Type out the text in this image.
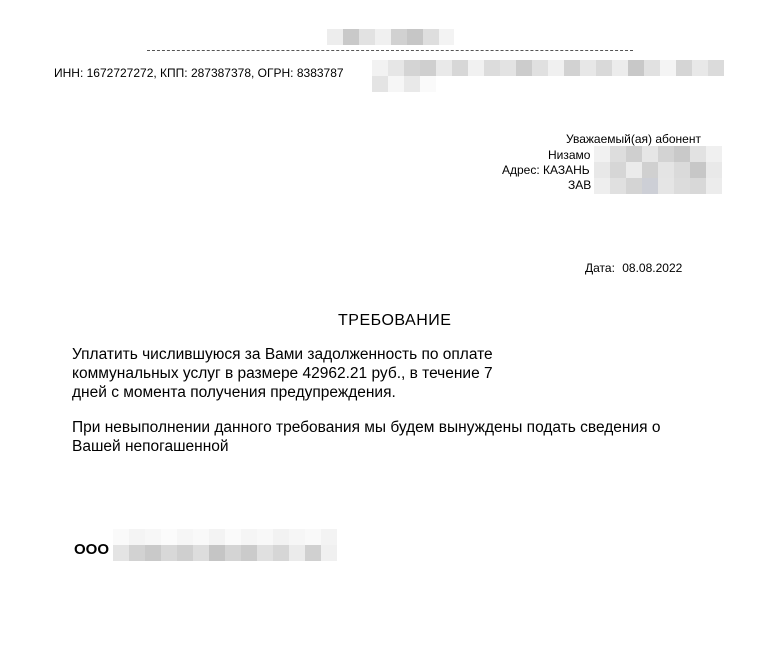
ИНН: 1672727272, КПП: 287387378, ОГРН: 8383787
Уважаемый(ая) абонент
Низамо
Адрес: КАЗАНЬ
ЗАВ
Дата: 08.08.2022
ТРЕБОВАНИЕ
Уплатить числившуюся за Вами задолженность по оплате
коммунальных услуг в размере 42962.21 руб., в течение 7
дней с момента получения предупреждения.
При невыполнении данного требования мы будем вынуждены подать сведения о
Вашей непогашенной
ООО
